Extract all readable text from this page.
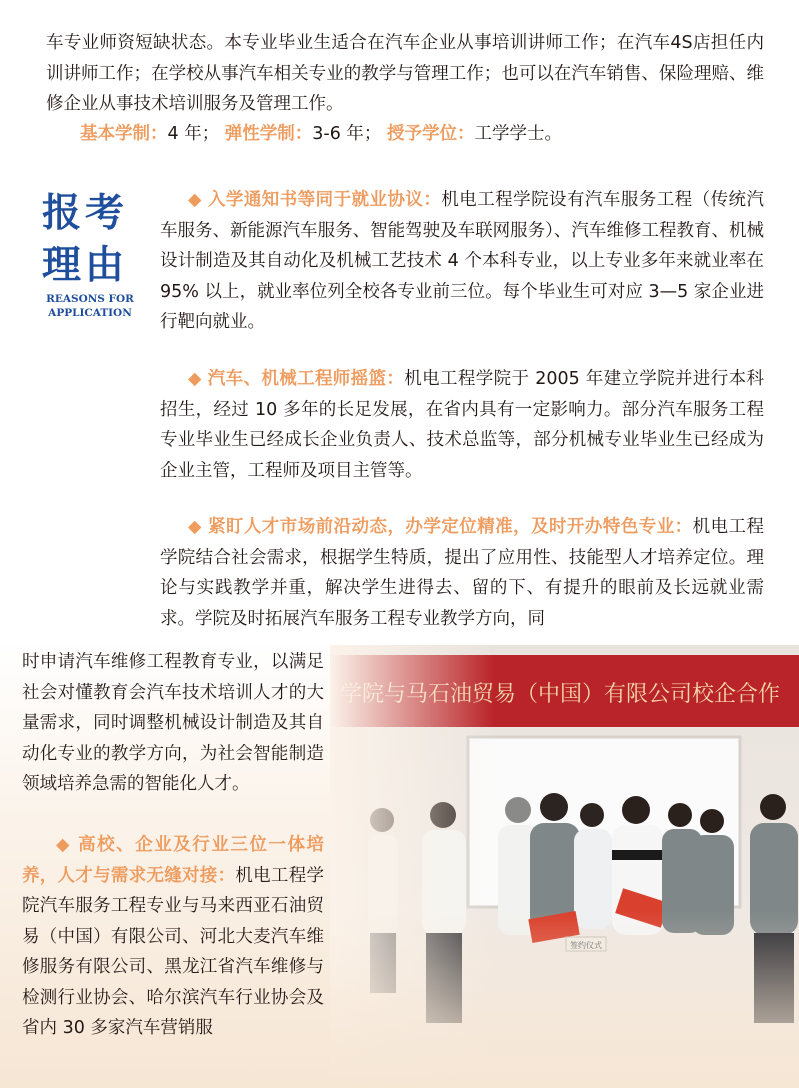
车专业师资短缺状态。本专业毕业生适合在汽车企业从事培训讲师工作；在汽车4S店担任内训讲师工作；在学校从事汽车相关专业的教学与管理工作；也可以在汽车销售、保险理赔、维修企业从事技术培训服务及管理工作。

基本学制：4 年； 弹性学制：3-6 年； 授予学位：工学学士。

报考
理由
REASONS FOR APPLICATION

◆ 入学通知书等同于就业协议：机电工程学院设有汽车服务工程（传统汽车服务、新能源汽车服务、智能驾驶及车联网服务）、汽车维修工程教育、机械设计制造及其自动化及机械工艺技术 4 个本科专业，以上专业多年来就业率在 95% 以上，就业率位列全校各专业前三位。每个毕业生可对应 3—5 家企业进行靶向就业。

◆ 汽车、机械工程师摇篮：机电工程学院于 2005 年建立学院并进行本科招生，经过 10 多年的长足发展，在省内具有一定影响力。部分汽车服务工程专业毕业生已经成长企业负责人、技术总监等，部分机械专业毕业生已经成为企业主管，工程师及项目主管等。

◆ 紧盯人才市场前沿动态，办学定位精准，及时开办特色专业：机电工程学院结合社会需求，根据学生特质，提出了应用性、技能型人才培养定位。理论与实践教学并重，解决学生进得去、留的下、有提升的眼前及长远就业需求。学院及时拓展汽车服务工程专业教学方向，同

时申请汽车维修工程教育专业，以满足社会对懂教育会汽车技术培训人才的大量需求，同时调整机械设计制造及其自动化专业的教学方向，为社会智能制造领域培养急需的智能化人才。

◆ 高校、企业及行业三位一体培养，人才与需求无缝对接：机电工程学院汽车服务工程专业与马来西亚石油贸易（中国）有限公司、河北大麦汽车维修服务有限公司、黑龙江省汽车维修与检测行业协会、哈尔滨汽车行业协会及省内 30 多家汽车营销服
